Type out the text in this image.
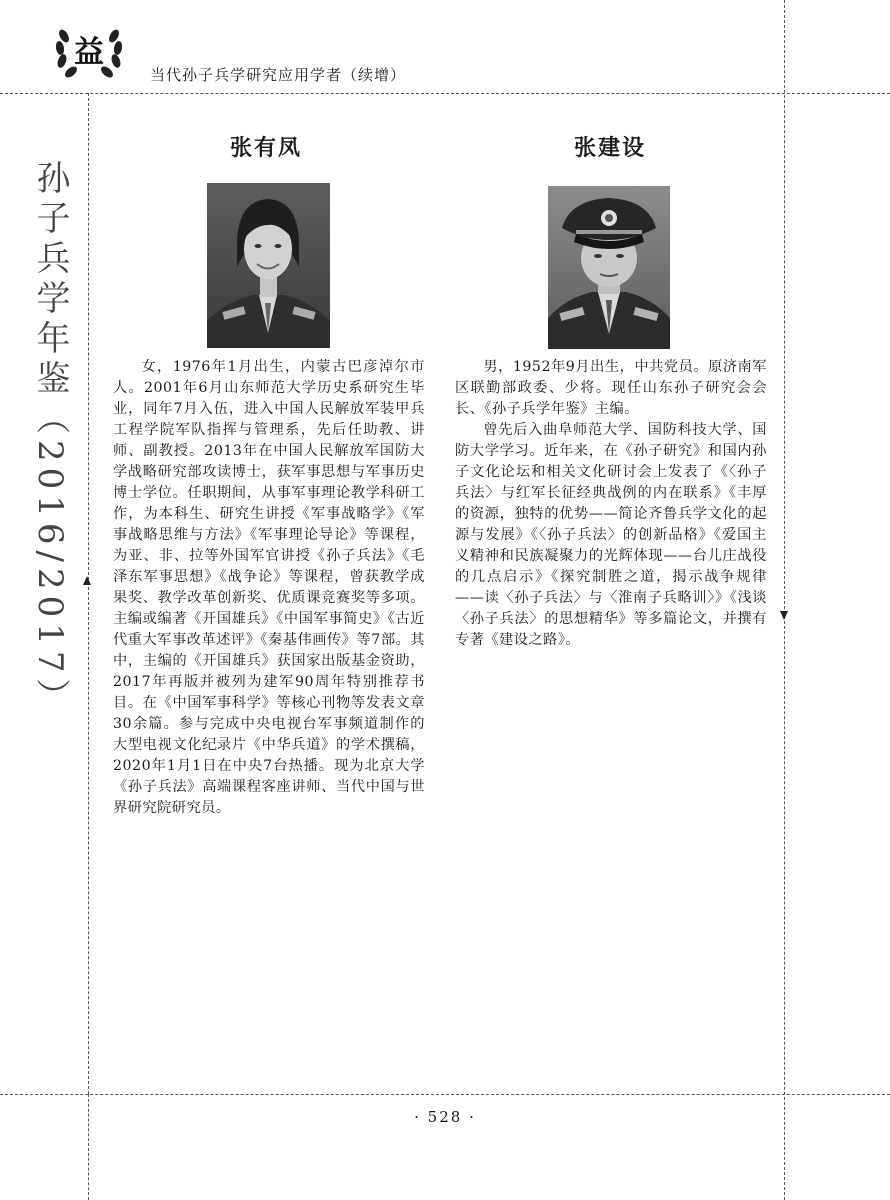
益
当代孙子兵学研究应用学者（续增）
孙子兵学年鉴（2016/2017）
张有凤

女，1976年1月出生，内蒙古巴彦淖尔市人。2001年6月山东师范大学历史系研究生毕业，同年7月入伍，进入中国人民解放军装甲兵工程学院军队指挥与管理系，先后任助教、讲师、副教授。2013年在中国人民解放军国防大学战略研究部攻读博士，获军事思想与军事历史博士学位。任职期间，从事军事理论教学科研工作，为本科生、研究生讲授《军事战略学》《军事战略思维与方法》《军事理论导论》等课程，为亚、非、拉等外国军官讲授《孙子兵法》《毛泽东军事思想》《战争论》等课程，曾获教学成果奖、教学改革创新奖、优质课竞赛奖等多项。主编或编著《开国雄兵》《中国军事简史》《古近代重大军事改革述评》《秦基伟画传》等7部。其中，主编的《开国雄兵》获国家出版基金资助，2017年再版并被列为建军90周年特别推荐书目。在《中国军事科学》等核心刊物等发表文章30余篇。参与完成中央电视台军事频道制作的大型电视文化纪录片《中华兵道》的学术撰稿，2020年1月1日在中央7台热播。现为北京大学《孙子兵法》高端课程客座讲师、当代中国与世界研究院研究员。

张建设

男，1952年9月出生，中共党员。原济南军区联勤部政委、少将。现任山东孙子研究会会长、《孙子兵学年鉴》主编。

曾先后入曲阜师范大学、国防科技大学、国防大学学习。近年来，在《孙子研究》和国内孙子文化论坛和相关文化研讨会上发表了《〈孙子兵法〉与红军长征经典战例的内在联系》《丰厚的资源，独特的优势——简论齐鲁兵学文化的起源与发展》《〈孙子兵法〉的创新品格》《爱国主义精神和民族凝聚力的光辉体现——台儿庄战役的几点启示》《探究制胜之道，揭示战争规律——读〈孙子兵法〉与〈淮南子兵略训〉》《浅谈〈孙子兵法〉的思想精华》等多篇论文，并撰有专著《建设之路》。

· 528 ·
